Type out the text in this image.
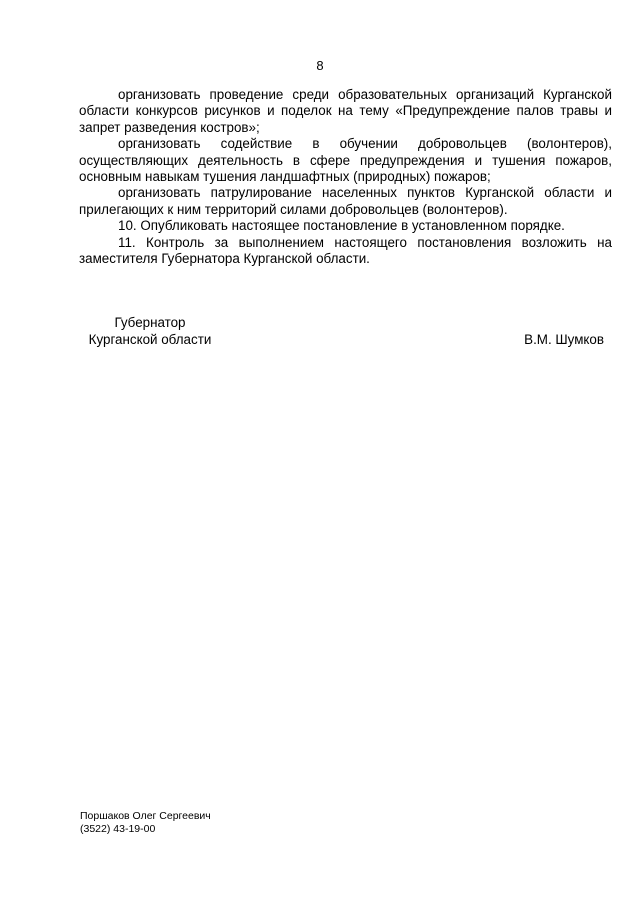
8

организовать проведение среди образовательных организаций Курганской области конкурсов рисунков и поделок на тему «Предупреждение палов травы и запрет разведения костров»;

организовать содействие в обучении добровольцев (волонтеров), осуществляющих деятельность в сфере предупреждения и тушения пожаров, основным навыкам тушения ландшафтных (природных) пожаров;

организовать патрулирование населенных пунктов Курганской области и прилегающих к ним территорий силами добровольцев (волонтеров).

10. Опубликовать настоящее постановление в установленном порядке.

11. Контроль за выполнением настоящего постановления возложить на заместителя Губернатора Курганской области.

Губернатор
Курганской области	В.М. Шумков
Поршаков Олег Сергеевич
(3522) 43-19-00
